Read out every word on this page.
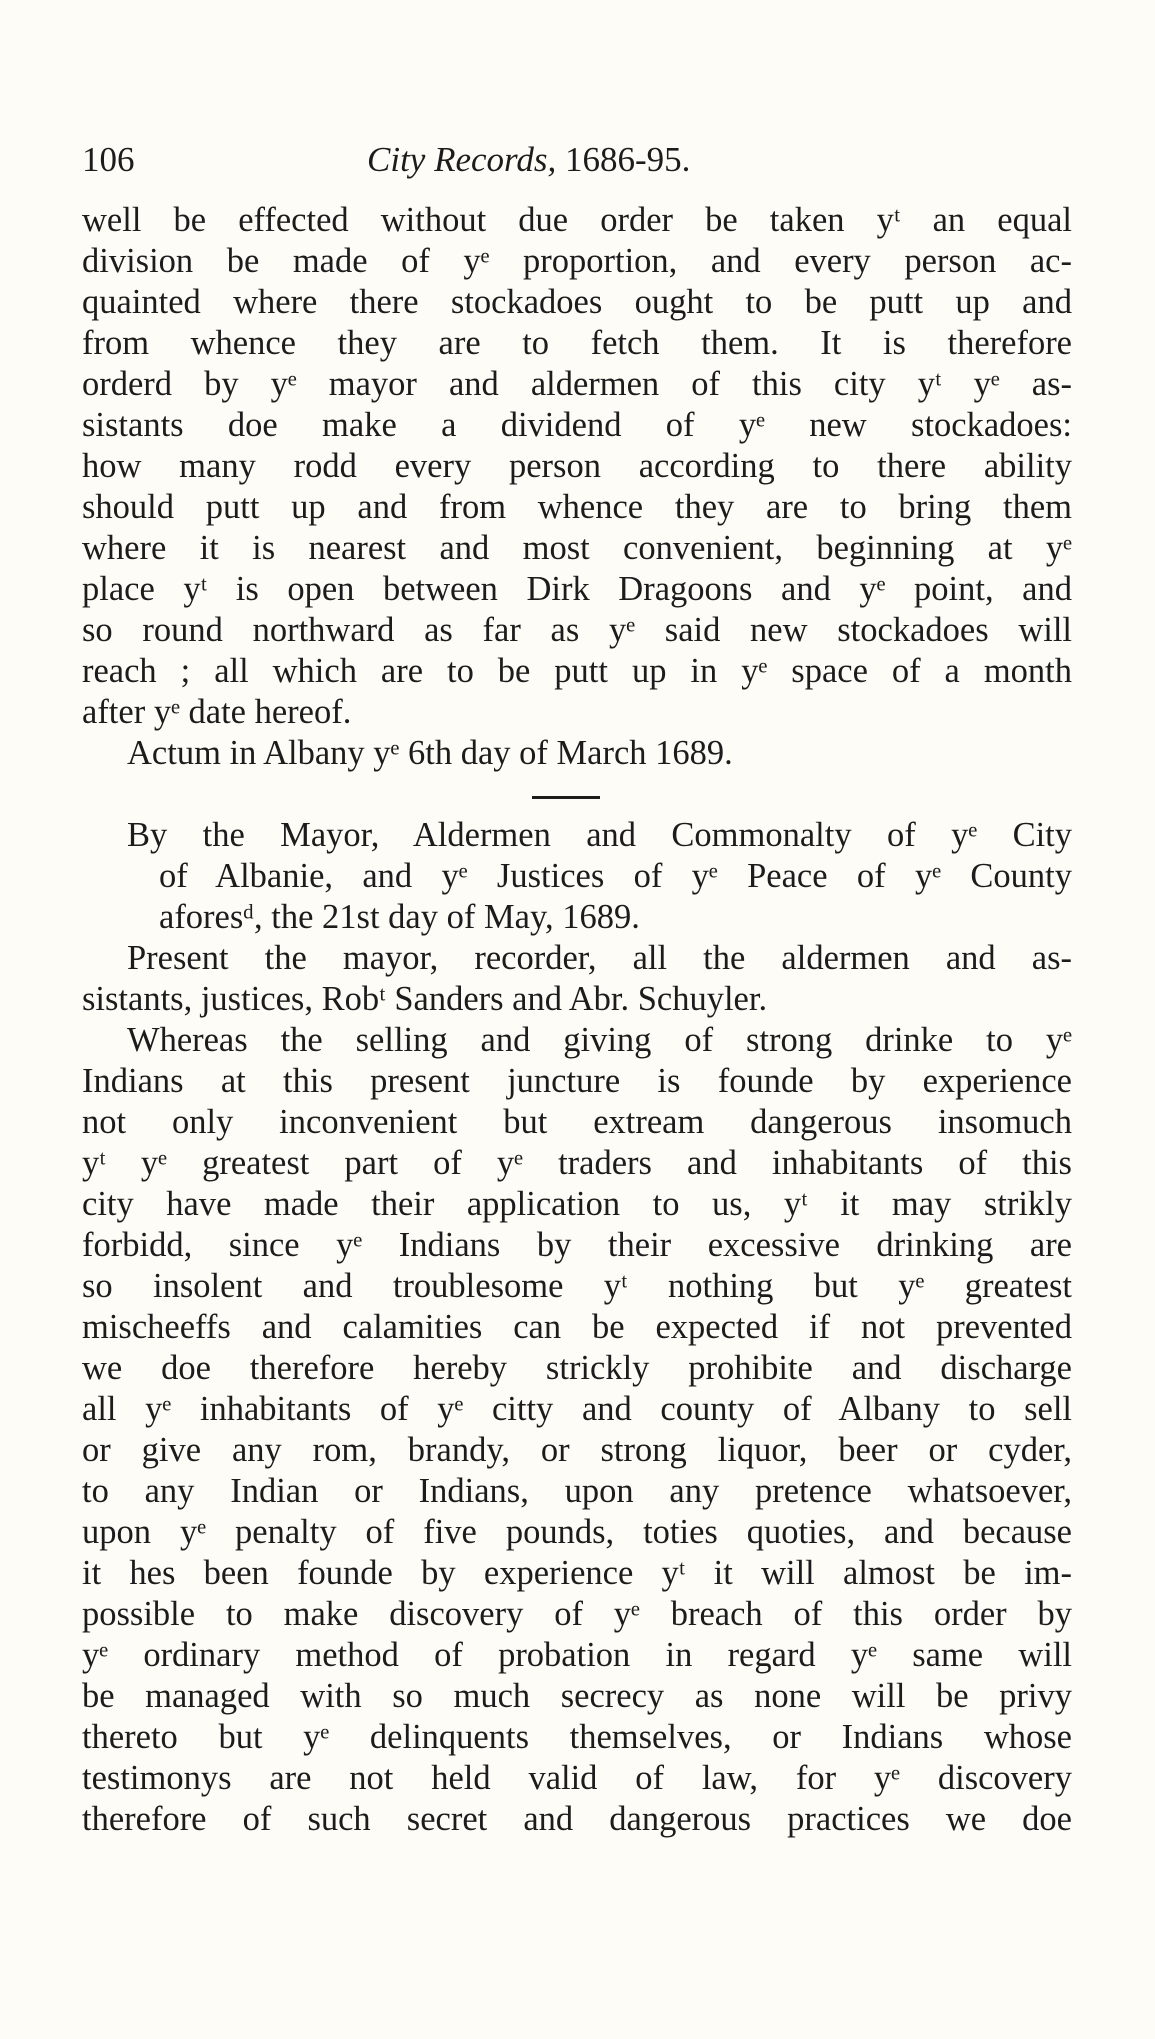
106	City Records, 1686-95.
well be effected without due order be taken yᵗ an equal
division be made of yᵉ proportion, and every person ac-
quainted where there stockadoes ought to be putt up and
from whence they are to fetch them. It is therefore
orderd by yᵉ mayor and aldermen of this city yᵗ yᵉ as-
sistants doe make a dividend of yᵉ new stockadoes:
how many rodd every person according to there ability
should putt up and from whence they are to bring them
where it is nearest and most convenient, beginning at yᵉ
place yᵗ is open between Dirk Dragoons and yᵉ point, and
so round northward as far as yᵉ said new stockadoes will
reach ; all which are to be putt up in yᵉ space of a month
after yᵉ date hereof.
Actum in Albany yᵉ 6th day of March 1689.
By the Mayor, Aldermen and Commonalty of yᵉ City
of Albanie, and yᵉ Justices of yᵉ Peace of yᵉ County
aforesᵈ, the 21st day of May, 1689.
Present the mayor, recorder, all the aldermen and as-
sistants, justices, Robᵗ Sanders and Abr. Schuyler.
Whereas the selling and giving of strong drinke to yᵉ
Indians at this present juncture is founde by experience
not only inconvenient but extream dangerous insomuch
yᵗ yᵉ greatest part of yᵉ traders and inhabitants of this
city have made their application to us, yᵗ it may strikly
forbidd, since yᵉ Indians by their excessive drinking are
so insolent and troublesome yᵗ nothing but yᵉ greatest
mischeeffs and calamities can be expected if not prevented
we doe therefore hereby strickly prohibite and discharge
all yᵉ inhabitants of yᵉ citty and county of Albany to sell
or give any rom, brandy, or strong liquor, beer or cyder,
to any Indian or Indians, upon any pretence whatsoever,
upon yᵉ penalty of five pounds, toties quoties, and because
it hes been founde by experience yᵗ it will almost be im-
possible to make discovery of yᵉ breach of this order by
yᵉ ordinary method of probation in regard yᵉ same will
be managed with so much secrecy as none will be privy
thereto but yᵉ delinquents themselves, or Indians whose
testimonys are not held valid of law, for yᵉ discovery
therefore of such secret and dangerous practices we doe
